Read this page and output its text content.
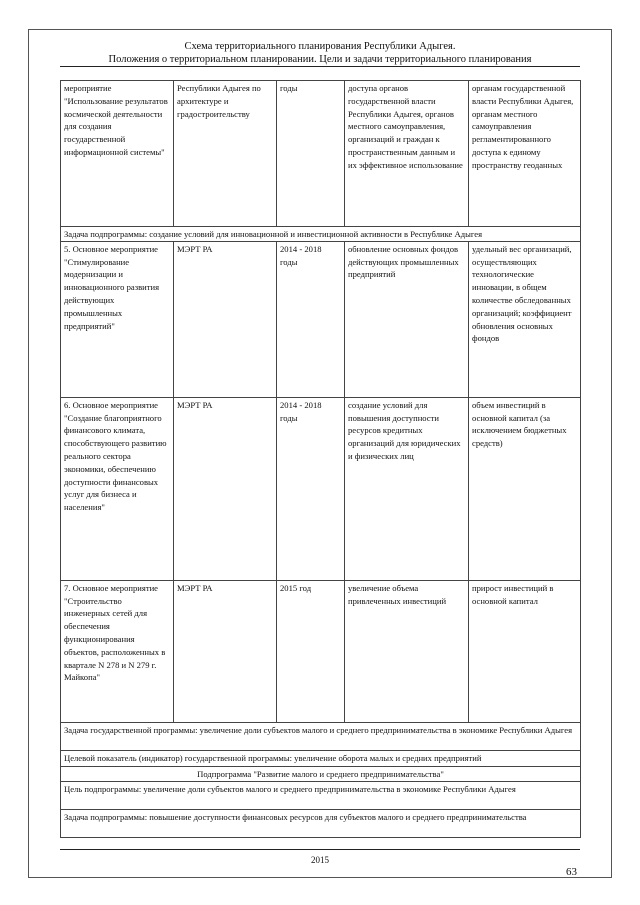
Схема территориального планирования Республики Адыгея.
Положения о территориальном планировании. Цели и задачи территориального планирования
мероприятие "Использование результатов космической деятельности для создания государственной информационной системы"	Республики Адыгея по архитектуре и градостроительству	годы	доступа органов государственной власти Республики Адыгея, органов местного самоуправления, организаций и граждан к пространственным данным и их эффективное использование	органам государственной власти Республики Адыгея, органам местного самоуправления регламентированного доступа к единому пространству геоданных
Задача подпрограммы: создание условий для инновационной и инвестиционной активности в Республике Адыгея				
5. Основное мероприятие "Стимулирование модернизации и инновационного развития действующих промышленных предприятий"	МЭРТ РА	2014 - 2018 годы	обновление основных фондов действующих промышленных предприятий	удельный вес организаций, осуществляющих технологические инновации, в общем количестве обследованных организаций; коэффициент обновления основных фондов
6. Основное мероприятие "Создание благоприятного финансового климата, способствующего развитию реального сектора экономики, обеспечению доступности финансовых услуг для бизнеса и населения"	МЭРТ РА	2014 - 2018 годы	создание условий для повышения доступности ресурсов кредитных организаций для юридических и физических лиц	объем инвестиций в основной капитал (за исключением бюджетных средств)
7. Основное мероприятие "Строительство инженерных сетей для обеспечения функционирования объектов, расположенных в квартале N 278 и N 279 г. Майкопа"	МЭРТ РА	2015 год	увеличение объема привлеченных инвестиций	прирост инвестиций в основной капитал
Задача государственной программы: увеличение доли субъектов малого и среднего предпринимательства в экономике Республики Адыгея				
Целевой показатель (индикатор) государственной программы: увеличение оборота малых и средних предприятий				
Подпрограмма "Развитие малого и среднего предпринимательства"				
Цель подпрограммы: увеличение доли субъектов малого и среднего предпринимательства в экономике Республики Адыгея				
Задача подпрограммы: повышение доступности финансовых ресурсов для субъектов малого и среднего предпринимательства				
2015
63
